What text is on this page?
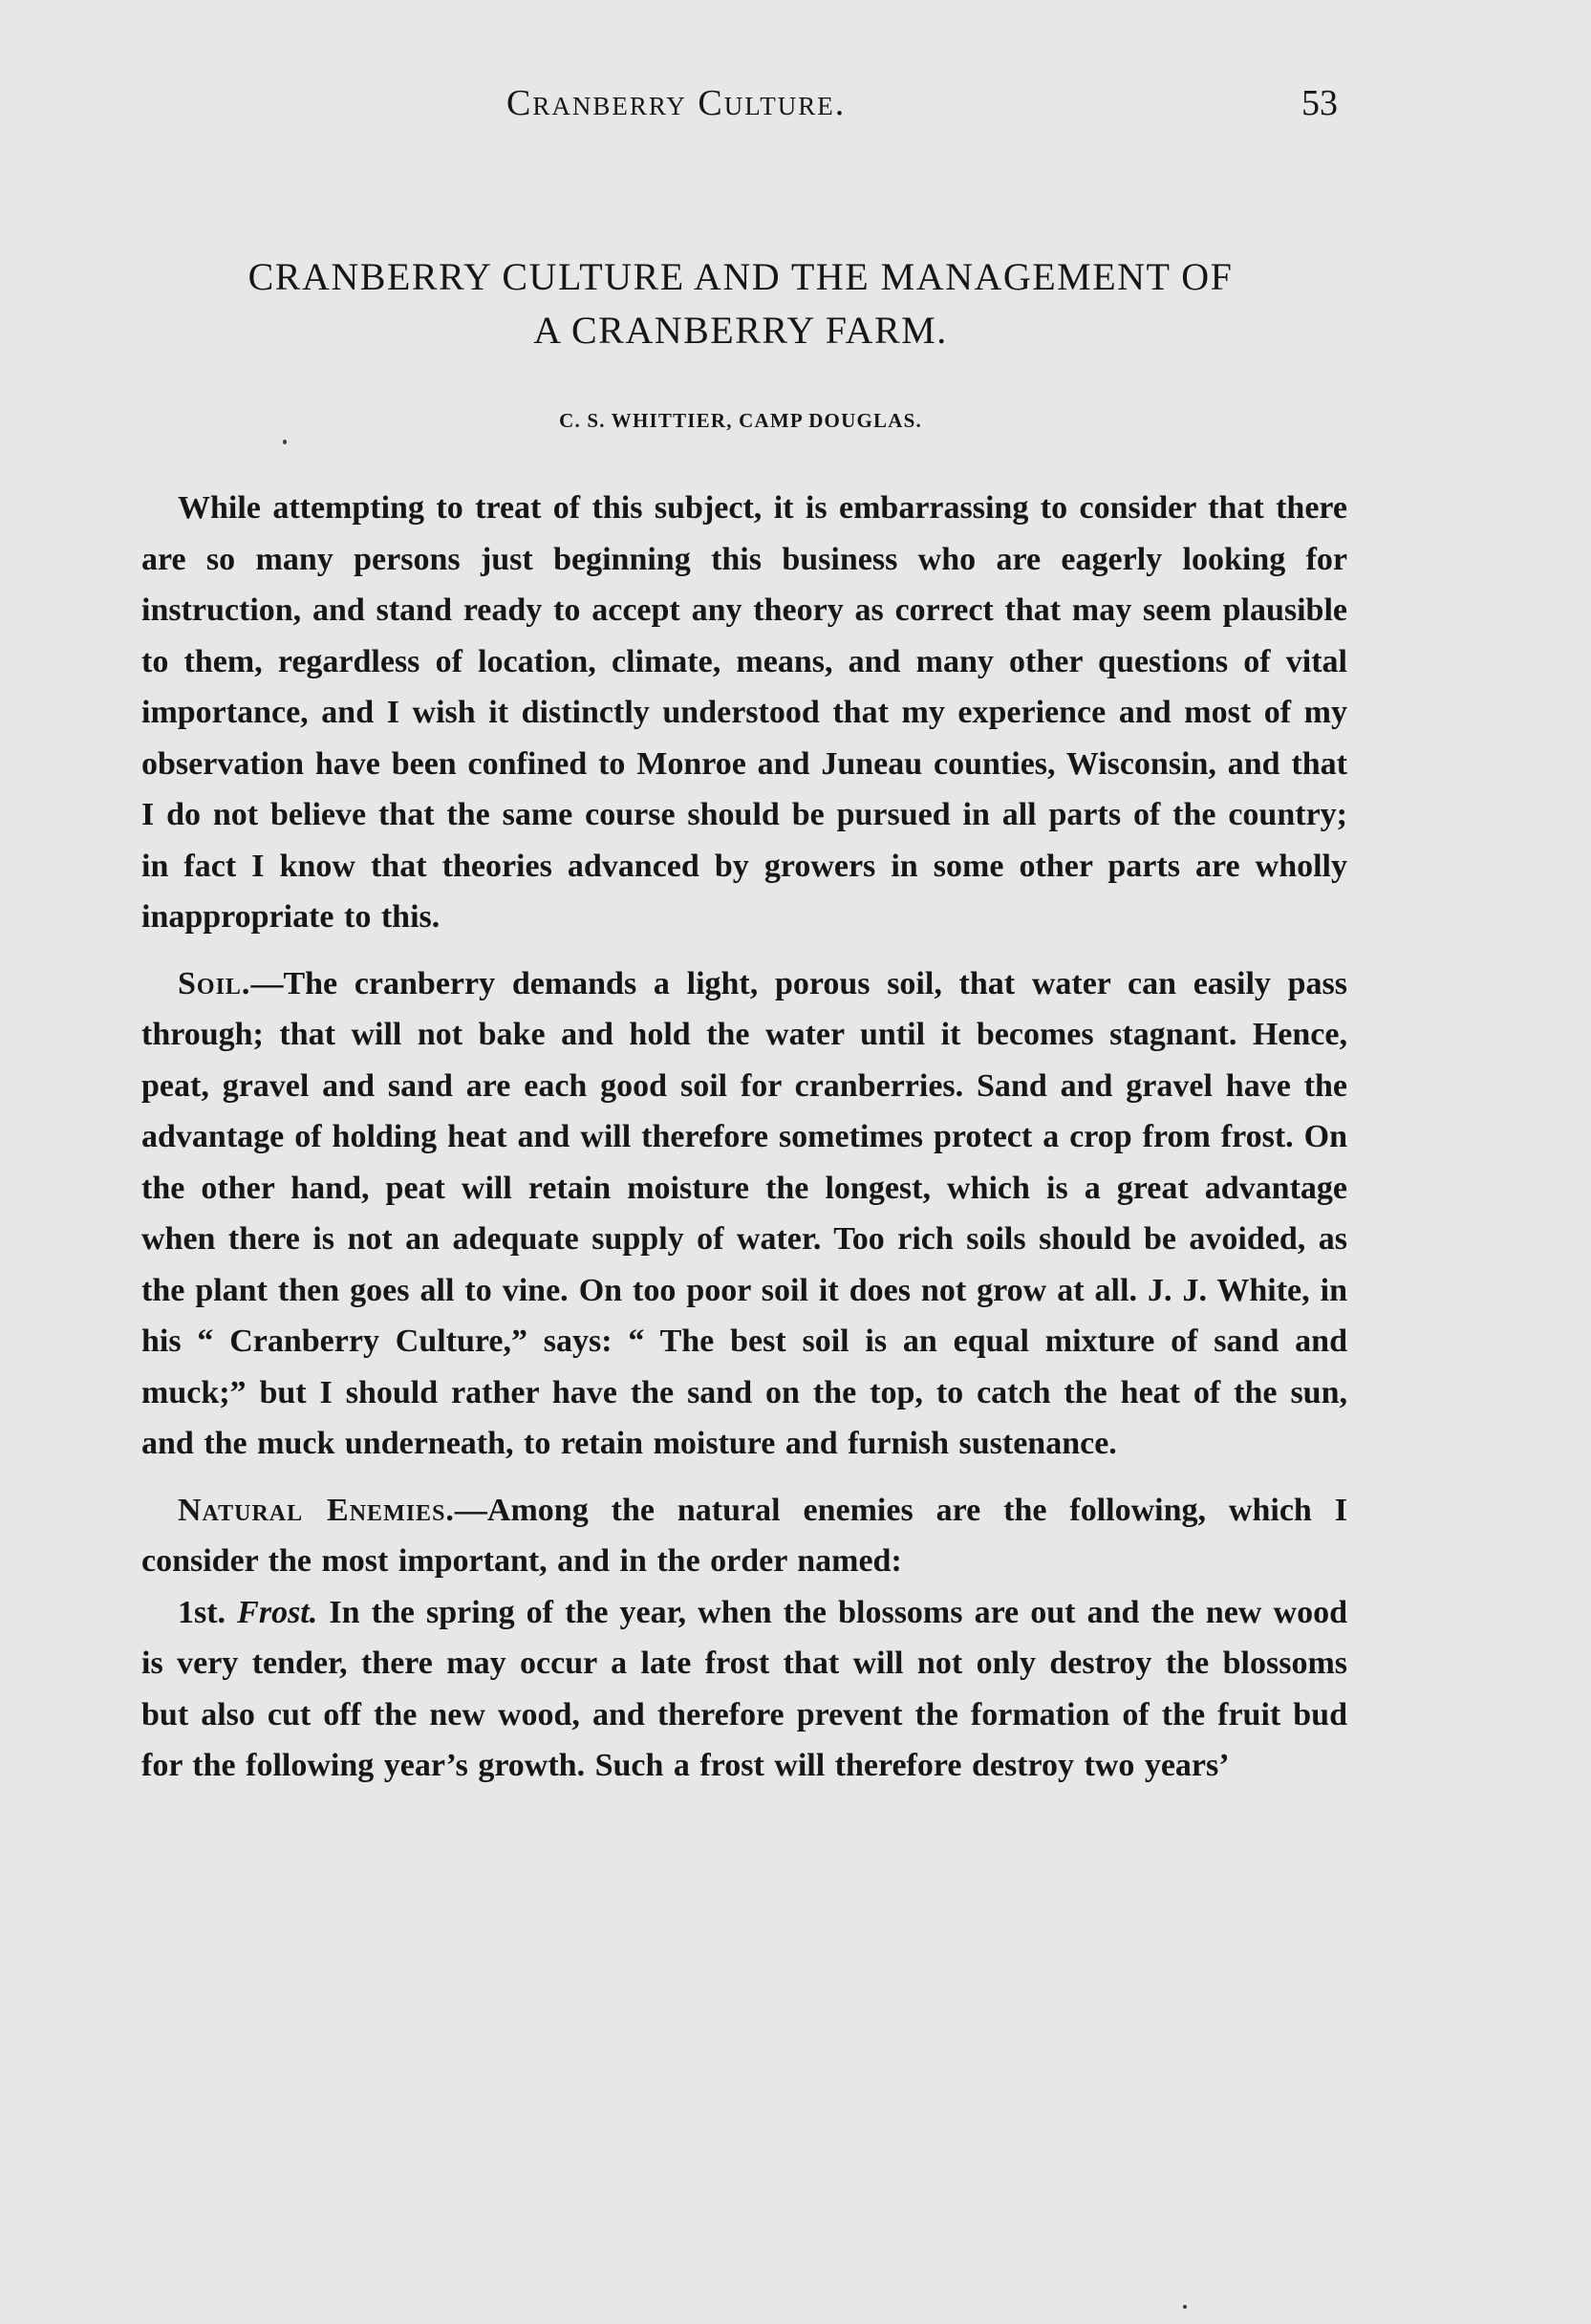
Cranberry Culture.	53
CRANBERRY CULTURE AND THE MANAGEMENT OF
A CRANBERRY FARM.
C. S. WHITTIER, CAMP DOUGLAS.

While attempting to treat of this subject, it is embarrassing to consider that there are so many persons just beginning this business who are eagerly looking for instruction, and stand ready to accept any theory as correct that may seem plausible to them, regardless of location, climate, means, and many other questions of vital importance, and I wish it distinctly understood that my experience and most of my observation have been confined to Monroe and Juneau counties, Wisconsin, and that I do not believe that the same course should be pursued in all parts of the country; in fact I know that theories advanced by growers in some other parts are wholly inappropriate to this.

Soil.—The cranberry demands a light, porous soil, that water can easily pass through; that will not bake and hold the water until it becomes stagnant. Hence, peat, gravel and sand are each good soil for cranberries. Sand and gravel have the advantage of holding heat and will therefore sometimes protect a crop from frost. On the other hand, peat will retain moisture the longest, which is a great advantage when there is not an adequate supply of water. Too rich soils should be avoided, as the plant then goes all to vine. On too poor soil it does not grow at all. J. J. White, in his “ Cranberry Culture,” says: “ The best soil is an equal mixture of sand and muck;” but I should rather have the sand on the top, to catch the heat of the sun, and the muck underneath, to retain moisture and furnish sustenance.

Natural Enemies.—Among the natural enemies are the following, which I consider the most important, and in the order named:

1st. Frost. In the spring of the year, when the blossoms are out and the new wood is very tender, there may occur a late frost that will not only destroy the blossoms but also cut off the new wood, and therefore prevent the formation of the fruit bud for the following year’s growth. Such a frost will therefore destroy two years’
